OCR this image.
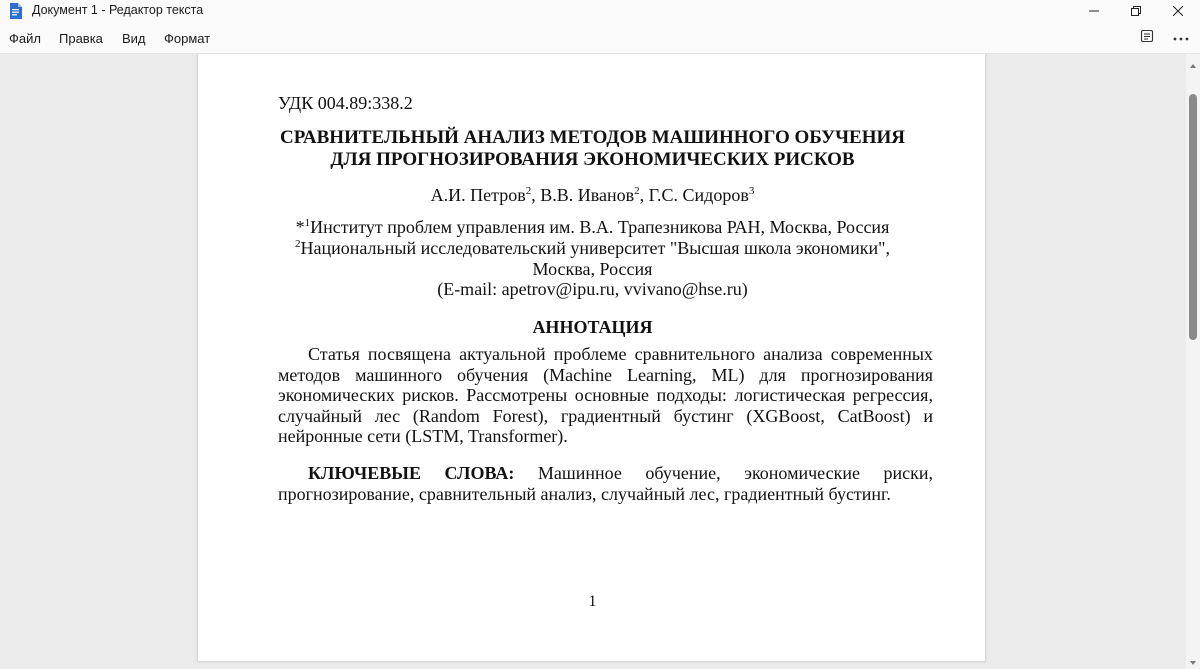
Документ 1 - Редактор текста
Файл Правка Вид Формат
УДК 004.89:338.2
СРАВНИТЕЛЬНЫЙ АНАЛИЗ МЕТОДОВ МАШИННОГО ОБУЧЕНИЯ
ДЛЯ ПРОГНОЗИРОВАНИЯ ЭКОНОМИЧЕСКИХ РИСКОВ
А.И. Петров$^2$, В.В. Иванов$^2$, Г.С. Сидоров$^3$
*$^1$Институт проблем управления им. В.А. Трапезникова РАН, Москва, Россия
$^2$Национальный исследовательский университет "Высшая школа экономики",
Москва, Россия
(E-mail: apetrov@ipu.ru, vvivano@hse.ru)
АННОТАЦИЯ
Статья посвящена актуальной проблеме сравнительного анализа современных
методов машинного обучения (Machine Learning, ML) для прогнозирования
экономических рисков. Рассмотрены основные подходы: логистическая регрессия,
случайный лес (Random Forest), градиентный бустинг (XGBoost, CatBoost) и
нейронные сети (LSTM, Transformer).
КЛЮЧЕВЫЕ СЛОВА: Машинное обучение, экономические риски,
прогнозирование, сравнительный анализ, случайный лес, градиентный бустинг.
1
